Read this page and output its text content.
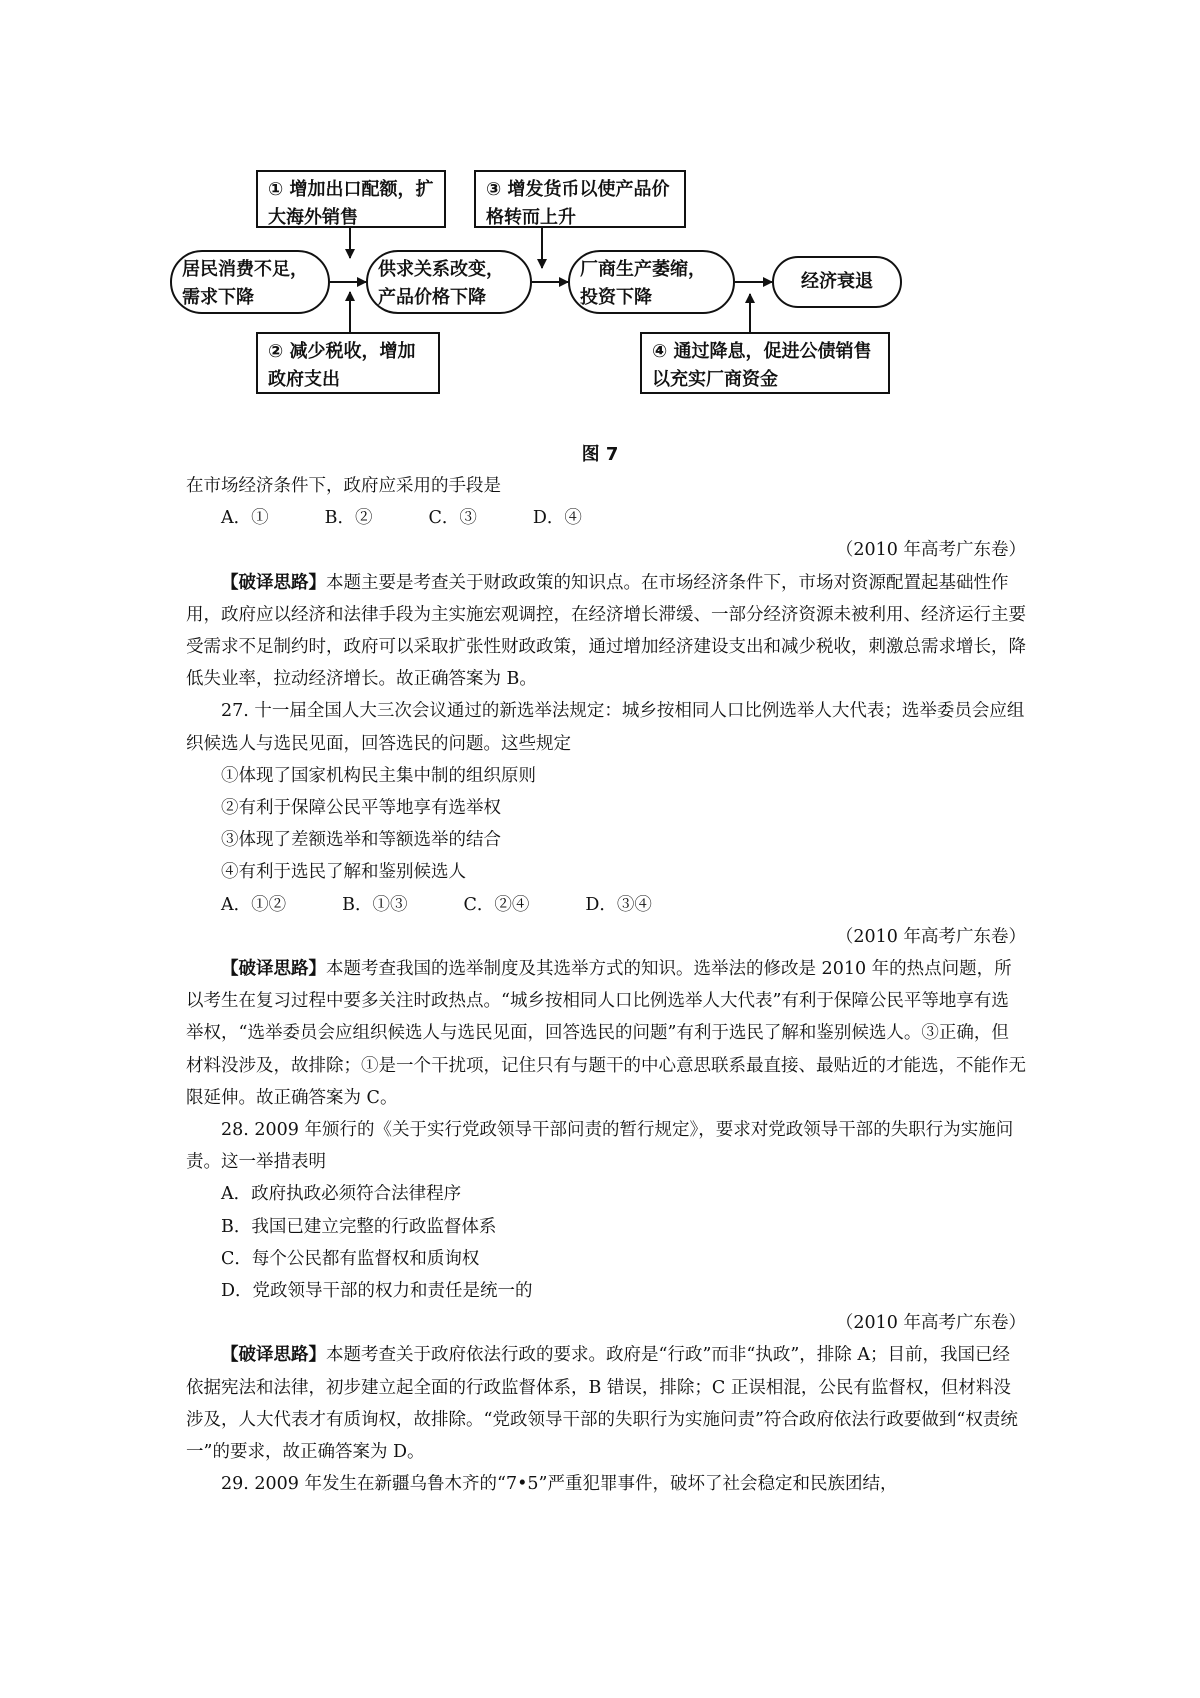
① 增加出口配额，扩大海外销售
③ 增发货币以使产品价格转而上升
居民消费不足，需求下降
供求关系改变，产品价格下降
厂商生产萎缩，投资下降
经济衰退
② 减少税收，增加政府支出
④ 通过降息，促进公债销售以充实厂商资金
图 7

在市场经济条件下，政府应采用的手段是

A．①	B．②	C．③	D．④

（2010 年高考广东卷）

【破译思路】本题主要是考查关于财政政策的知识点。在市场经济条件下，市场对资源配置起基础性作用，政府应以经济和法律手段为主实施宏观调控，在经济增长滞缓、一部分经济资源未被利用、经济运行主要受需求不足制约时，政府可以采取扩张性财政政策，通过增加经济建设支出和减少税收，刺激总需求增长，降低失业率，拉动经济增长。故正确答案为 B。

27. 十一届全国人大三次会议通过的新选举法规定：城乡按相同人口比例选举人大代表；选举委员会应组织候选人与选民见面，回答选民的问题。这些规定

①体现了国家机构民主集中制的组织原则

②有利于保障公民平等地享有选举权

③体现了差额选举和等额选举的结合

④有利于选民了解和鉴别候选人

A．①②	B．①③	C．②④	D．③④

（2010 年高考广东卷）

【破译思路】本题考查我国的选举制度及其选举方式的知识。选举法的修改是 2010 年的热点问题，所以考生在复习过程中要多关注时政热点。“城乡按相同人口比例选举人大代表”有利于保障公民平等地享有选举权，“选举委员会应组织候选人与选民见面，回答选民的问题”有利于选民了解和鉴别候选人。③正确，但材料没涉及，故排除；①是一个干扰项，记住只有与题干的中心意思联系最直接、最贴近的才能选，不能作无限延伸。故正确答案为 C。

28. 2009 年颁行的《关于实行党政领导干部问责的暂行规定》，要求对党政领导干部的失职行为实施问责。这一举措表明

A．政府执政必须符合法律程序

B．我国已建立完整的行政监督体系

C．每个公民都有监督权和质询权

D．党政领导干部的权力和责任是统一的

（2010 年高考广东卷）

【破译思路】本题考查关于政府依法行政的要求。政府是“行政”而非“执政”，排除 A；目前，我国已经依据宪法和法律，初步建立起全面的行政监督体系，B 错误，排除；C 正误相混，公民有监督权，但材料没涉及，人大代表才有质询权，故排除。“党政领导干部的失职行为实施问责”符合政府依法行政要做到“权责统一”的要求，故正确答案为 D。

29. 2009 年发生在新疆乌鲁木齐的“7•5”严重犯罪事件，破坏了社会稳定和民族团结，
